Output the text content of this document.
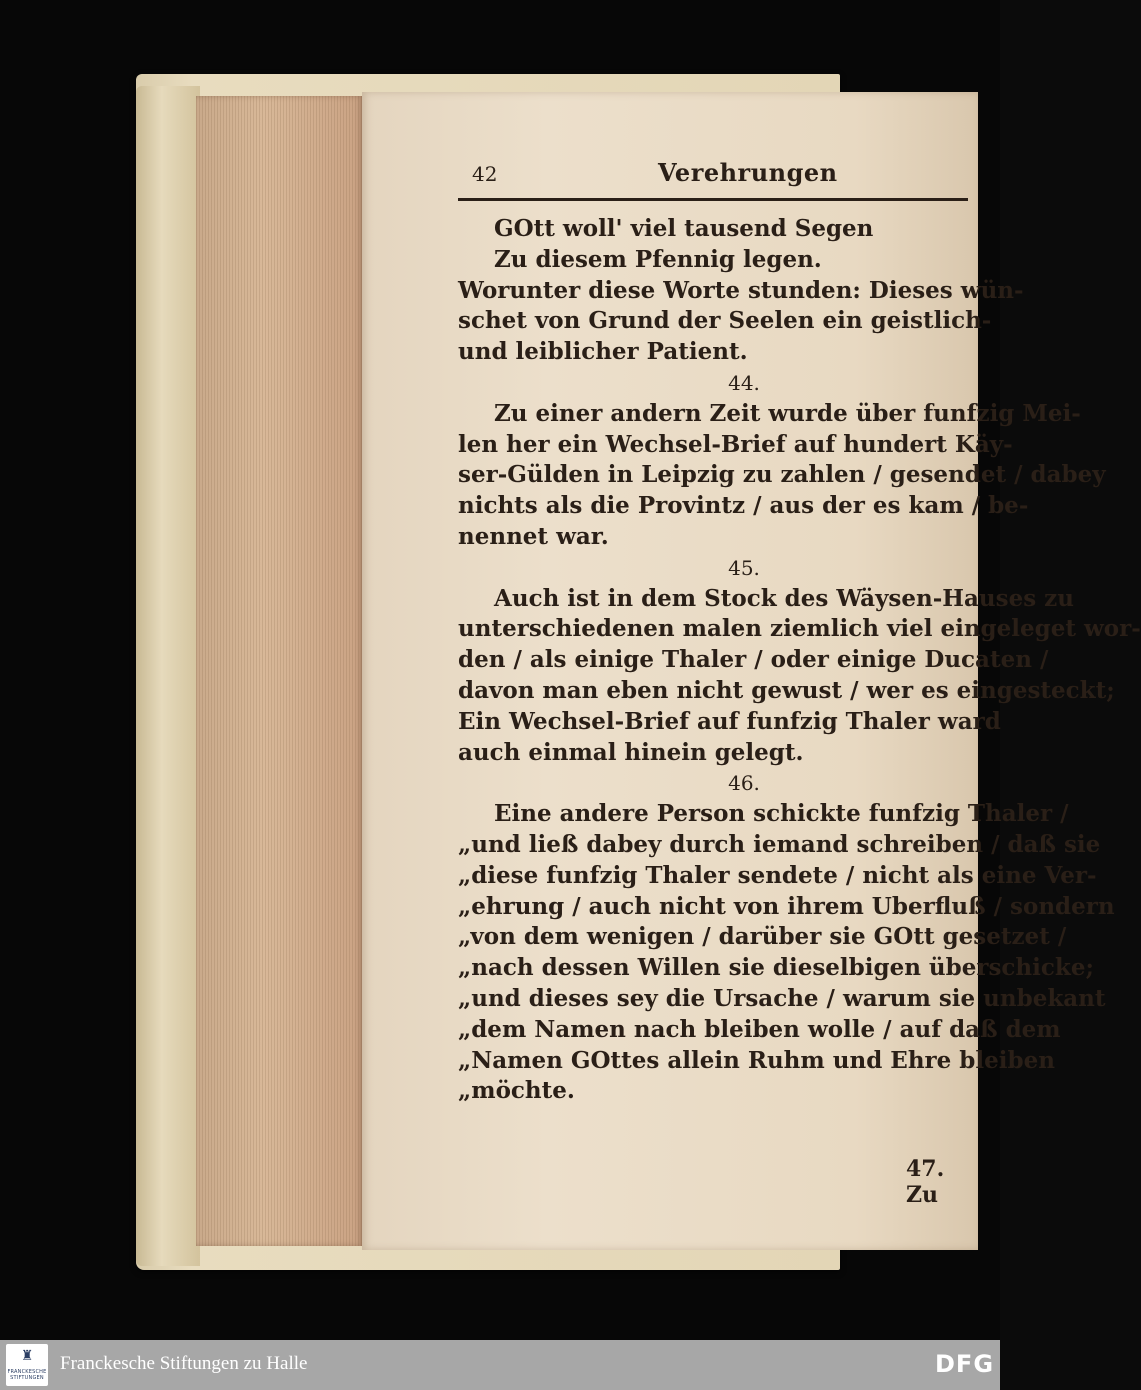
42	Verehrungen
GOtt woll' viel tausend Segen
Zu diesem Pfennig legen.
Worunter diese Worte stunden: Dieses wün-
schet von Grund der Seelen ein geistlich-
und leiblicher Patient.
44.
Zu einer andern Zeit wurde über funfzig Mei-
len her ein Wechsel-Brief auf hundert Käy-
ser-Gülden in Leipzig zu zahlen / gesendet / dabey
nichts als die Provintz / aus der es kam / be-
nennet war.
45.
Auch ist in dem Stock des Wäysen-Hauses zu
unterschiedenen malen ziemlich viel eingeleget wor-
den / als einige Thaler / oder einige Ducaten /
davon man eben nicht gewust / wer es eingesteckt;
Ein Wechsel-Brief auf funfzig Thaler ward
auch einmal hinein gelegt.
46.
Eine andere Person schickte funfzig Thaler /
„und ließ dabey durch iemand schreiben / daß sie
„diese funfzig Thaler sendete / nicht als eine Ver-
„ehrung / auch nicht von ihrem Uberfluß / sondern
„von dem wenigen / darüber sie GOtt gesetzet /
„nach dessen Willen sie dieselbigen überschicke;
„und dieses sey die Ursache / warum sie unbekant
„dem Namen nach bleiben wolle / auf daß dem
„Namen GOttes allein Ruhm und Ehre bleiben
„möchte.
47. Zu
♜
FRANCKESCHE STIFTUNGEN
Franckesche Stiftungen zu Halle	DFG
